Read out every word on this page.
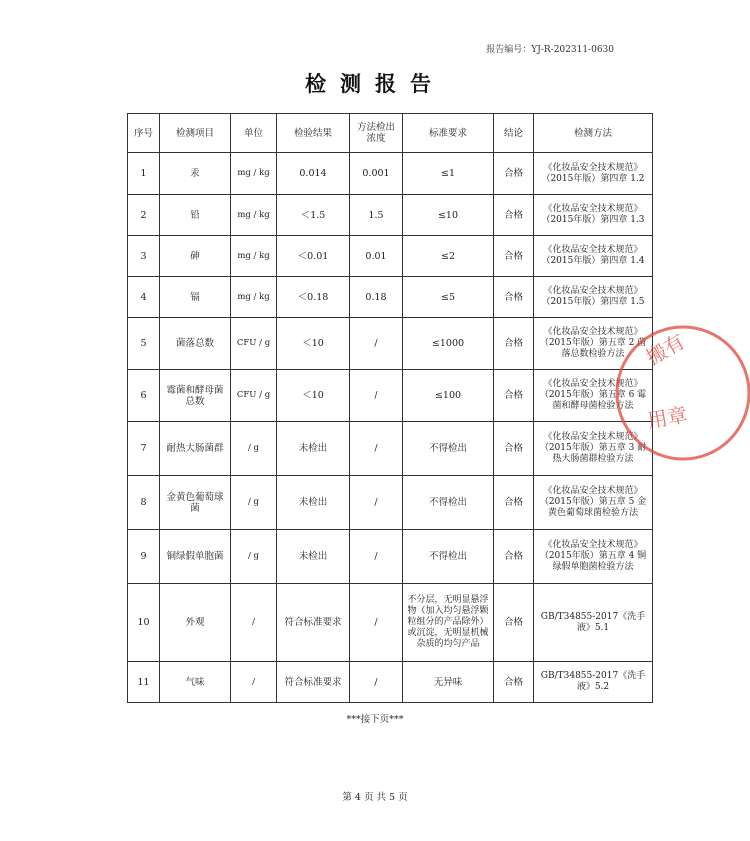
报告编号：YJ-R-202311-0630
检测报告
序号	检测项目	单位	检验结果	方法检出浓度	标准要求	结论	检测方法
1	汞	mg / kg	0.014	0.001	≤1	合格	《化妆品安全技术规范》（2015年版）第四章 1.2
2	铅	mg / kg	＜1.5	1.5	≤10	合格	《化妆品安全技术规范》（2015年版）第四章 1.3
3	砷	mg / kg	＜0.01	0.01	≤2	合格	《化妆品安全技术规范》（2015年版）第四章 1.4
4	镉	mg / kg	＜0.18	0.18	≤5	合格	《化妆品安全技术规范》（2015年版）第四章 1.5
5	菌落总数	CFU / g	＜10	/	≤1000	合格	《化妆品安全技术规范》（2015年版）第五章 2 菌落总数检验方法
6	霉菌和酵母菌总数	CFU / g	＜10	/	≤100	合格	《化妆品安全技术规范》（2015年版）第五章 6 霉菌和酵母菌检验方法
7	耐热大肠菌群	/ g	未检出	/	不得检出	合格	《化妆品安全技术规范》（2015年版）第五章 3 耐热大肠菌群检验方法
8	金黄色葡萄球菌	/ g	未检出	/	不得检出	合格	《化妆品安全技术规范》（2015年版）第五章 5 金黄色葡萄球菌检验方法
9	铜绿假单胞菌	/ g	未检出	/	不得检出	合格	《化妆品安全技术规范》（2015年版）第五章 4 铜绿假单胞菌检验方法
10	外观	/	符合标准要求	/	不分层，无明显悬浮物（加入均匀悬浮颗粒组分的产品除外）或沉淀，无明显机械杂质的均匀产品	合格	GB/T34855-2017《洗手液》5.1
11	气味	/	符合标准要求	/	无异味	合格	GB/T34855-2017《洗手液》5.2
***接下页***
第 4 页 共 5 页
搬有
用章
